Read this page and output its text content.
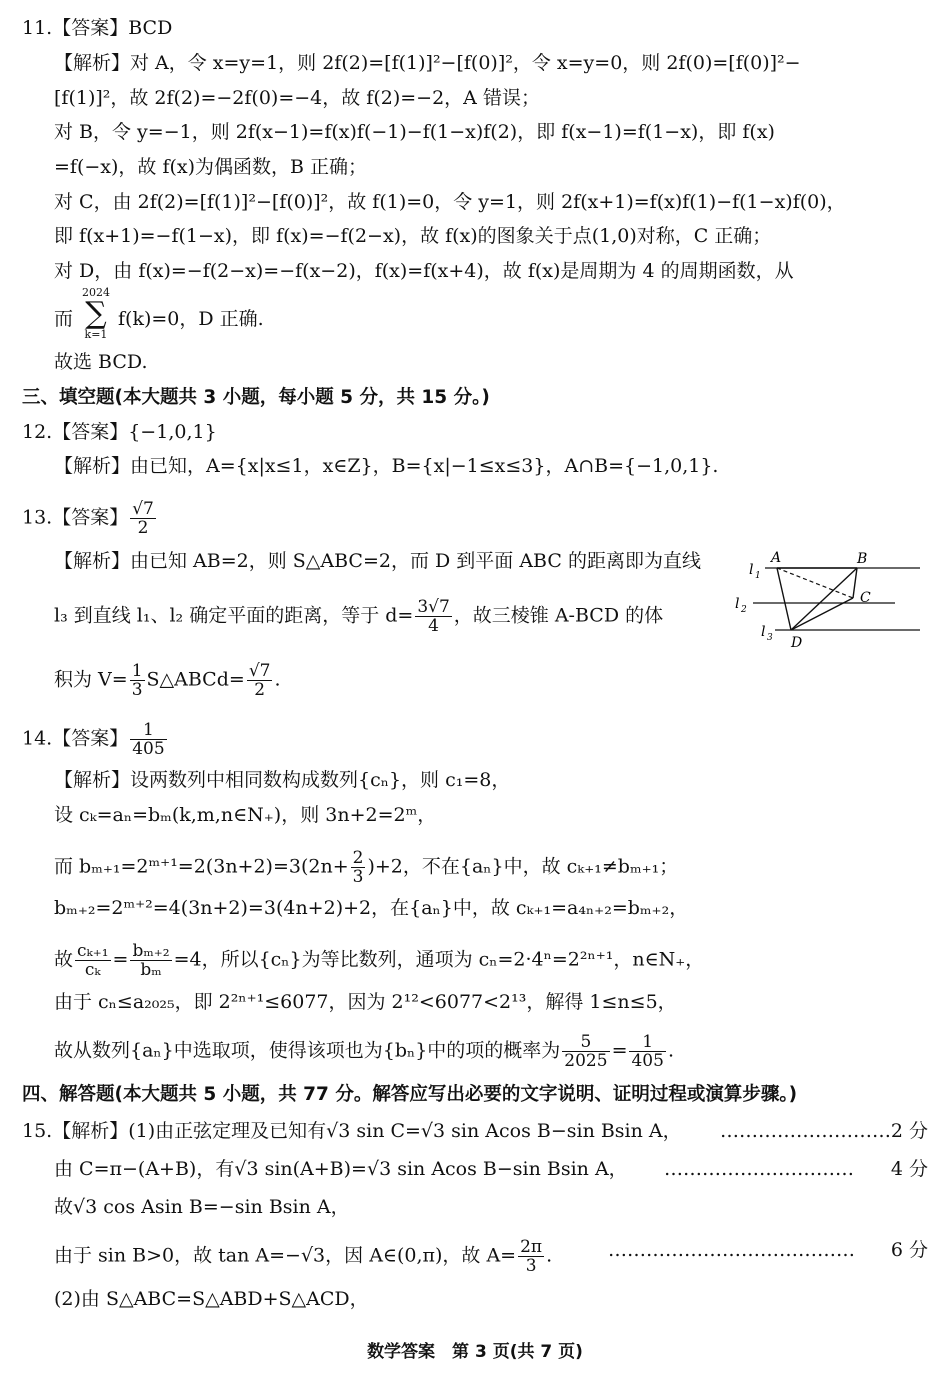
11.【答案】BCD
【解析】对 A，令 x=y=1，则 2f(2)=[f(1)]²−[f(0)]²，令 x=y=0，则 2f(0)=[f(0)]²−
[f(1)]²，故 2f(2)=−2f(0)=−4，故 f(2)=−2，A 错误；
对 B，令 y=−1，则 2f(x−1)=f(x)f(−1)−f(1−x)f(2)，即 f(x−1)=f(1−x)，即 f(x)
=f(−x)，故 f(x)为偶函数，B 正确；
对 C，由 2f(2)=[f(1)]²−[f(0)]²，故 f(1)=0，令 y=1，则 2f(x+1)=f(x)f(1)−f(1−x)f(0)，
即 f(x+1)=−f(1−x)，即 f(x)=−f(2−x)，故 f(x)的图象关于点(1,0)对称，C 正确；
对 D，由 f(x)=−f(2−x)=−f(x−2)，f(x)=f(x+4)，故 f(x)是周期为 4 的周期函数，从
而
2024
∑
k=1
f(k)=0，D 正确.
故选 BCD.
三、填空题(本大题共 3 小题，每小题 5 分，共 15 分。)
12.【答案】{−1,0,1}
【解析】由已知，A={x|x≤1，x∈Z}，B={x|−1≤x≤3}，A∩B={−1,0,1}.
13.【答案】 $\frac{√7}{2}$
【解析】由已知 AB=2，则 S△ABC=2，而 D 到平面 ABC 的距离即为直线
l₃ 到直线 l₁、l₂ 确定平面的距离，等于 $d= \frac{3√7}{4}$ ，故三棱锥 A-BCD 的体
积为 $V= \frac{1}{3}$ S△ABCd= $\frac{√7}{2}$ .
A	B
C
D
l 1
l 2
l 3
14.【答案】 $\frac{1}{405}$
【解析】设两数列中相同数构成数列{cₙ}，则 c₁=8，
设 cₖ=aₙ=bₘ(k,m,n∈N₊)，则 3n+2=2ᵐ，
而 bₘ₊₁=2ᵐ⁺¹=2(3n+2)=3(2n+ $\frac{2}{3} )+2$，不在{aₙ}中，故 cₖ₊₁≠bₘ₊₁；
bₘ₊₂=2ᵐ⁺²=4(3n+2)=3(4n+2)+2，在{aₙ}中，故 cₖ₊₁=a₄ₙ₊₂=bₘ₊₂，
故 $\frac{\text{cₖ₊₁}}{\text{cₖ}} = \frac{\text{bₘ₊₂}}{\text{bₘ}} =4$，所以{cₙ}为等比数列，通项为 cₙ=2·4ⁿ=2²ⁿ⁺¹，n∈N₊，
由于 cₙ≤a₂₀₂₅，即 2²ⁿ⁺¹≤6077，因为 2¹²<6077<2¹³，解得 1≤n≤5，
故从数列{aₙ}中选取项，使得该项也为{bₙ}中的项的概率为 $\frac{5}{2025} = \frac{1}{405}$ .
四、解答题(本大题共 5 小题，共 77 分。解答应写出必要的文字说明、证明过程或演算步骤。)
15.【解析】(1)由正弦定理及已知有√3 sin C=√3 sin Acos B−sin Bsin A， ……………………… 2 分
由 C=π−(A+B)，有√3 sin(A+B)=√3 sin Acos B−sin Bsin A， ………………………… 4 分
故√3 cos Asin B=−sin Bsin A，
由于 sin B>0，故 tan A=−√3，因 A∈(0,π)，故 $A= \frac{2\pi}{3}$ .	………………………………… 6 分
(2)由 S△ABC=S△ABD+S△ACD，
数学答案　第 3 页(共 7 页)
